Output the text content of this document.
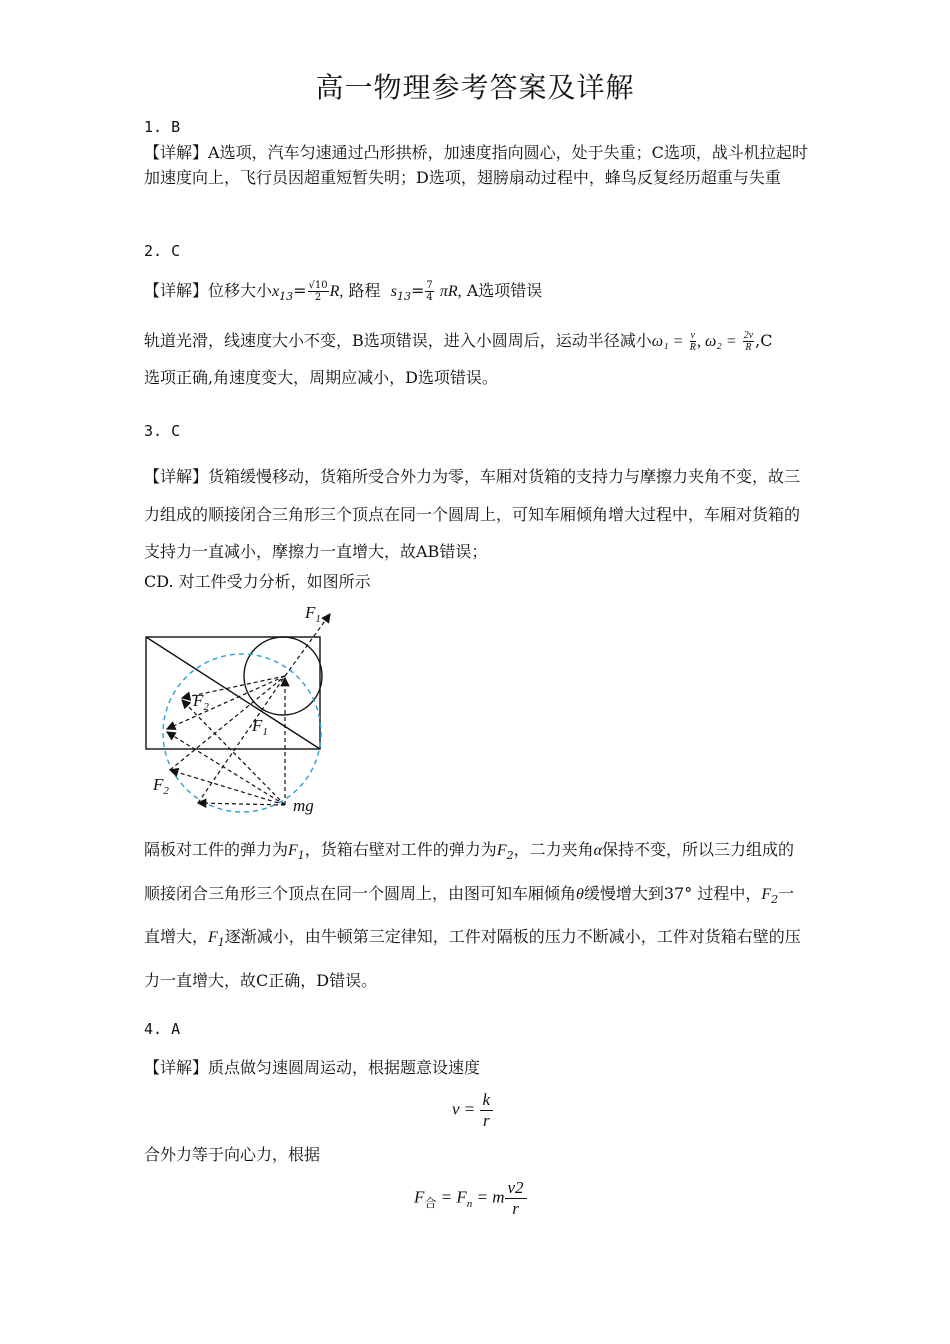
高一物理参考答案及详解
1. B
【详解】A选项，汽车匀速通过凸形拱桥，加速度指向圆心，处于失重；C选项，战斗机拉起时加速度向上，飞行员因超重短暂失明；D选项，翅膀扇动过程中，蜂鸟反复经历超重与失重
2. C
【详解】位移大小$x_{13}= \frac{√10}{2} R$, 路程 $s_{13}= \frac{7}{4} \pi R$, A选项错误
轨道光滑，线速度大小不变，B选项错误，进入小圆周后，运动半径减小$\omega_1 = \frac{v}{R}$ , $\omega_2 = \frac{2v}{R} ,C$
选项正确,角速度变大，周期应减小，D选项错误。
3. C
【详解】货箱缓慢移动，货箱所受合外力为零，车厢对货箱的支持力与摩擦力夹角不变，故三力组成的顺接闭合三角形三个顶点在同一个圆周上，可知车厢倾角增大过程中，车厢对货箱的支持力一直减小，摩擦力一直增大，故AB错误；
CD. 对工件受力分析，如图所示
$F_1$
$F_2$
$F_1$
$F_2$
mg
隔板对工件的弹力为$F_1$，货箱右壁对工件的弹力为$F_2$，二力夹角α保持不变，所以三力组成的顺接闭合三角形三个顶点在同一个圆周上，由图可知车厢倾角θ缓慢增大到37° 过程中，$F_2$一直增大，$F_1$逐渐减小，由牛顿第三定律知，工件对隔板的压力不断减小，工件对货箱右壁的压力一直增大，故C正确，D错误。
4. A
【详解】质点做匀速圆周运动，根据题意设速度
$v = \frac{k}{r}$
合外力等于向心力，根据
$F_合 = F_n = m \frac{v2}{r}$
